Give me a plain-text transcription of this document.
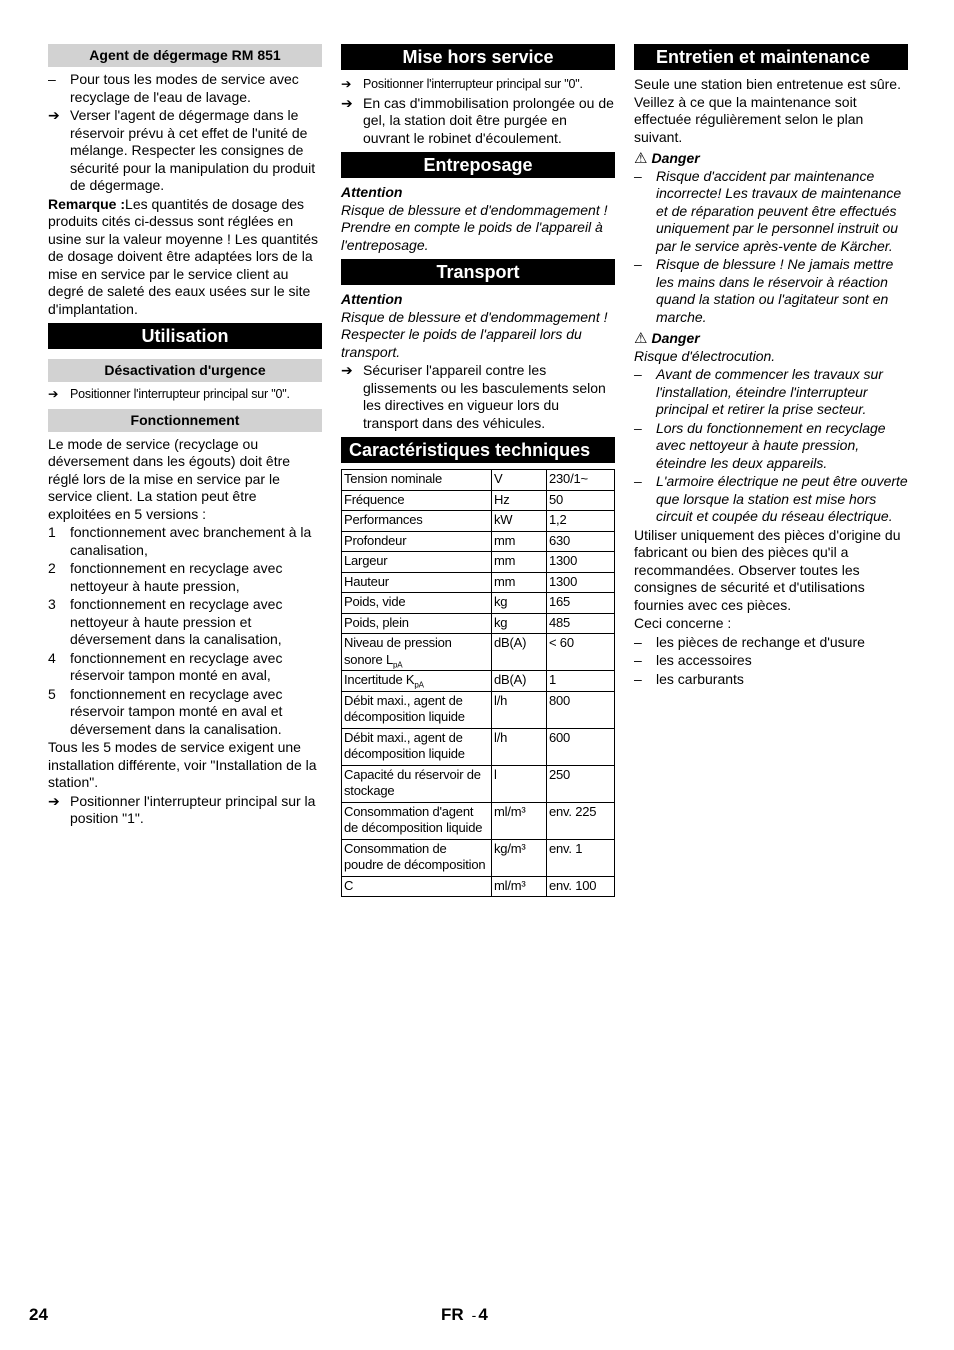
Agent de dégermage RM 851
–	Pour tous les modes de service avec recyclage de l'eau de lavage.
➔ Verser l'agent de dégermage dans le réservoir prévu à cet effet de l'unité de mélange. Respecter les consignes de sécurité pour la manipulation du produit de dégermage.

Remarque :Les quantités de dosage des produits cités ci-dessus sont réglées en usine sur la valeur moyenne ! Les quantités de dosage doivent être adaptées lors de la mise en service par le service client au degré de saleté des eaux usées sur le site d'implantation.

Utilisation
Désactivation d'urgence
➔ Positionner l'interrupteur principal sur "0".
Fonctionnement

Le mode de service (recyclage ou déversement dans les égouts) doit être réglé lors de la mise en service par le service client. La station peut être exploitées en 5 versions :

1	fonctionnement avec branchement à la canalisation,
2	fonctionnement en recyclage avec nettoyeur à haute pression,
3	fonctionnement en recyclage avec nettoyeur à haute pression et déversement dans la canalisation,
4	fonctionnement en recyclage avec réservoir tampon monté en aval,
5	fonctionnement en recyclage avec réservoir tampon monté en aval et déversement dans la canalisation.

Tous les 5 modes de service exigent une installation différente, voir "Installation de la station".

➔ Positionner l'interrupteur principal sur la position "1".
Mise hors service
➔ Positionner l'interrupteur principal sur "0".
➔ En cas d'immobilisation prolongée ou de gel, la station doit être purgée en ouvrant le robinet d'écoulement.
Entreposage
Attention

Risque de blessure et d'endommagement ! Prendre en compte le poids de l'appareil à l'entreposage.

Transport
Attention

Risque de blessure et d'endommagement ! Respecter le poids de l'appareil lors du transport.

➔ Sécuriser l'appareil contre les glissements ou les basculements selon les directives en vigueur lors du transport dans des véhicules.
Caractéristiques techniques
Tension nominale	V	230/1~
Fréquence	Hz	50
Performances	kW	1,2
Profondeur	mm	630
Largeur	mm	1300
Hauteur	mm	1300
Poids, vide	kg	165
Poids, plein	kg	485
Niveau de pression sonore $L_{pA}$	dB(A)	< 60
Incertitude $K_{pA}$	dB(A)	1
Débit maxi., agent de décomposition liquide	l/h	800
Débit maxi., agent de décomposition liquide	l/h	600
Capacité du réservoir de stockage	l	250
Consommation d'agent de décomposition liquide	ml/m³	env. 225
Consommation de poudre de décomposition	kg/m³	env. 1
C	ml/m³	env. 100
Entretien et maintenance

Seule une station bien entretenue est sûre. Veillez à ce que la maintenance soit effectuée régulièrement selon le plan suivant.

⚠ Danger
–	Risque d'accident par maintenance incorrecte! Les travaux de maintenance et de réparation peuvent être effectués uniquement par le personnel instruit ou par le service après-vente de Kärcher.
–	Risque de blessure ! Ne jamais mettre les mains dans le réservoir à réaction quand la station ou l'agitateur sont en marche.
⚠ Danger

Risque d'électrocution.

–	Avant de commencer les travaux sur l'installation, éteindre l'interrupteur principal et retirer la prise secteur.
–	Lors du fonctionnement en recyclage avec nettoyeur à haute pression, éteindre les deux appareils.
–	L'armoire électrique ne peut être ouverte que lorsque la station est mise hors circuit et coupée du réseau électrique.

Utiliser uniquement des pièces d'origine du fabricant ou bien des pièces qu'il a recommandées. Observer toutes les consignes de sécurité et d'utilisations fournies avec ces pièces.

Ceci concerne :

–	les pièces de rechange et d'usure
–	les accessoires
–	les carburants
24	FR - 4
